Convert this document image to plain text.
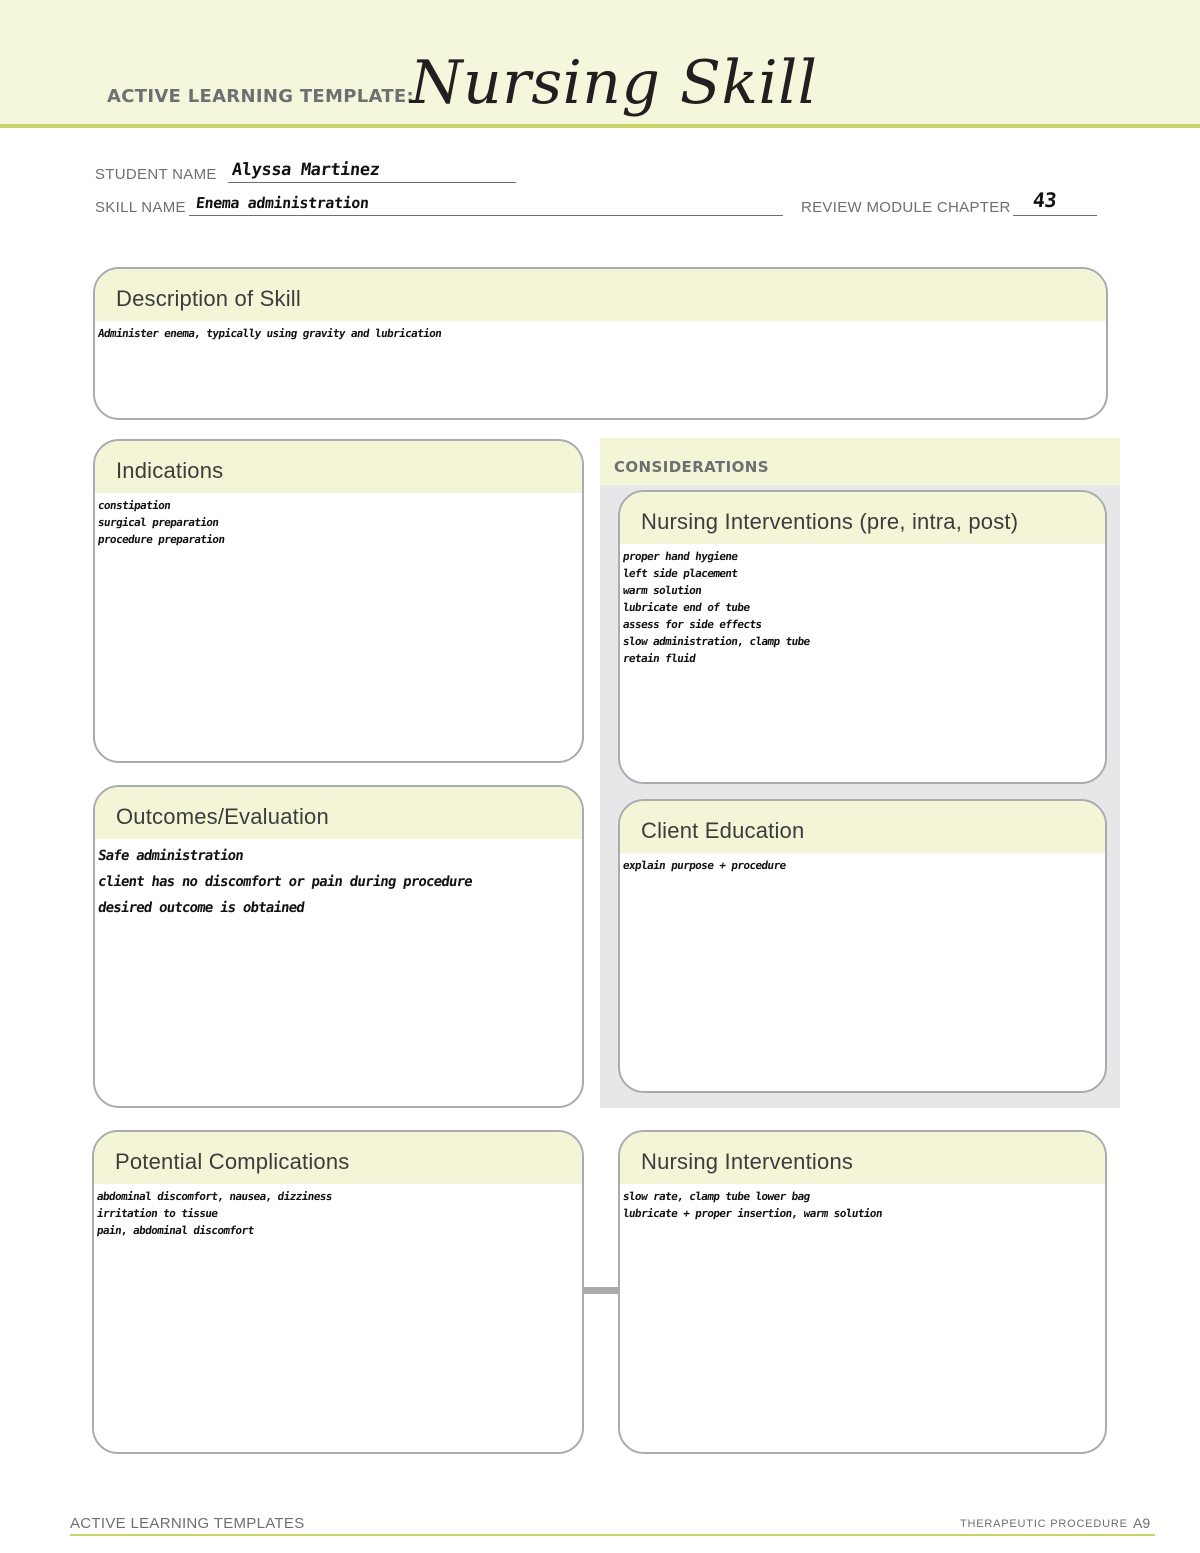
ACTIVE LEARNING TEMPLATE:
Nursing Skill
STUDENT NAME Alyssa Martinez
SKILL NAME Enema administration	REVIEW MODULE CHAPTER 43
Description of Skill
Administer enema, typically using gravity and lubrication
Indications
constipation
surgical preparation
procedure preparation
CONSIDERATIONS
Nursing Interventions (pre, intra, post)
proper hand hygiene
left side placement
warm solution
lubricate end of tube
assess for side effects
slow administration, clamp tube
retain fluid
Outcomes/Evaluation
Safe administration
client has no discomfort or pain during procedure
desired outcome is obtained
Client Education
explain purpose + procedure
Potential Complications
abdominal discomfort, nausea, dizziness
irritation to tissue
pain, abdominal discomfort
Nursing Interventions
slow rate, clamp tube lower bag
lubricate + proper insertion, warm solution
ACTIVE LEARNING TEMPLATES	THERAPEUTIC PROCEDURE A9
